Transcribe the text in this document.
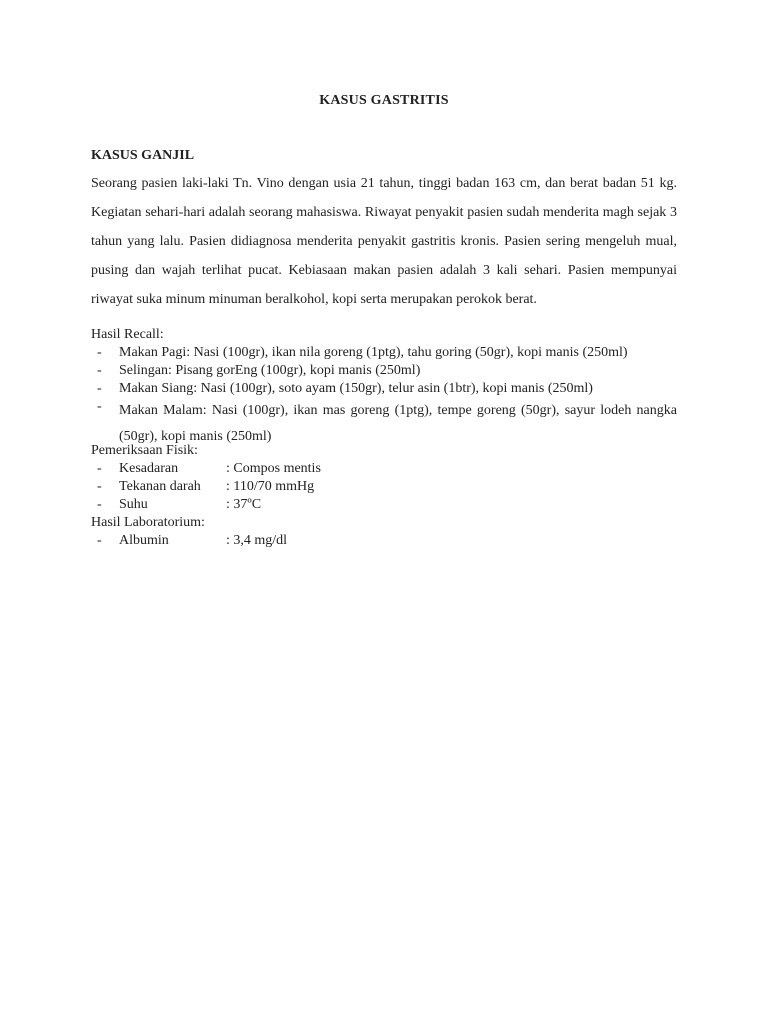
KASUS GASTRITIS
KASUS GANJIL

Seorang pasien laki-laki Tn. Vino dengan usia 21 tahun, tinggi badan 163 cm, dan berat badan 51 kg. Kegiatan sehari-hari adalah seorang mahasiswa. Riwayat penyakit pasien sudah menderita magh sejak 3 tahun yang lalu. Pasien didiagnosa menderita penyakit gastritis kronis. Pasien sering mengeluh mual, pusing dan wajah terlihat pucat. Kebiasaan makan pasien adalah 3 kali sehari. Pasien mempunyai riwayat suka minum minuman beralkohol, kopi serta merupakan perokok berat.

Hasil Recall:
- Makan Pagi: Nasi (100gr), ikan nila goreng (1ptg), tahu goring (50gr), kopi manis (250ml)
- Selingan: Pisang gorEng (100gr), kopi manis (250ml)
- Makan Siang: Nasi (100gr), soto ayam (150gr), telur asin (1btr), kopi manis (250ml)
- Makan Malam: Nasi (100gr), ikan mas goreng (1ptg), tempe goreng (50gr), sayur lodeh nangka (50gr), kopi manis (250ml)
Pemeriksaan Fisik:
- Kesadaran	: Compos mentis
- Tekanan darah : 110/70 mmHg
- Suhu	: 37ºC
Hasil Laboratorium:
- Albumin	: 3,4 mg/dl
